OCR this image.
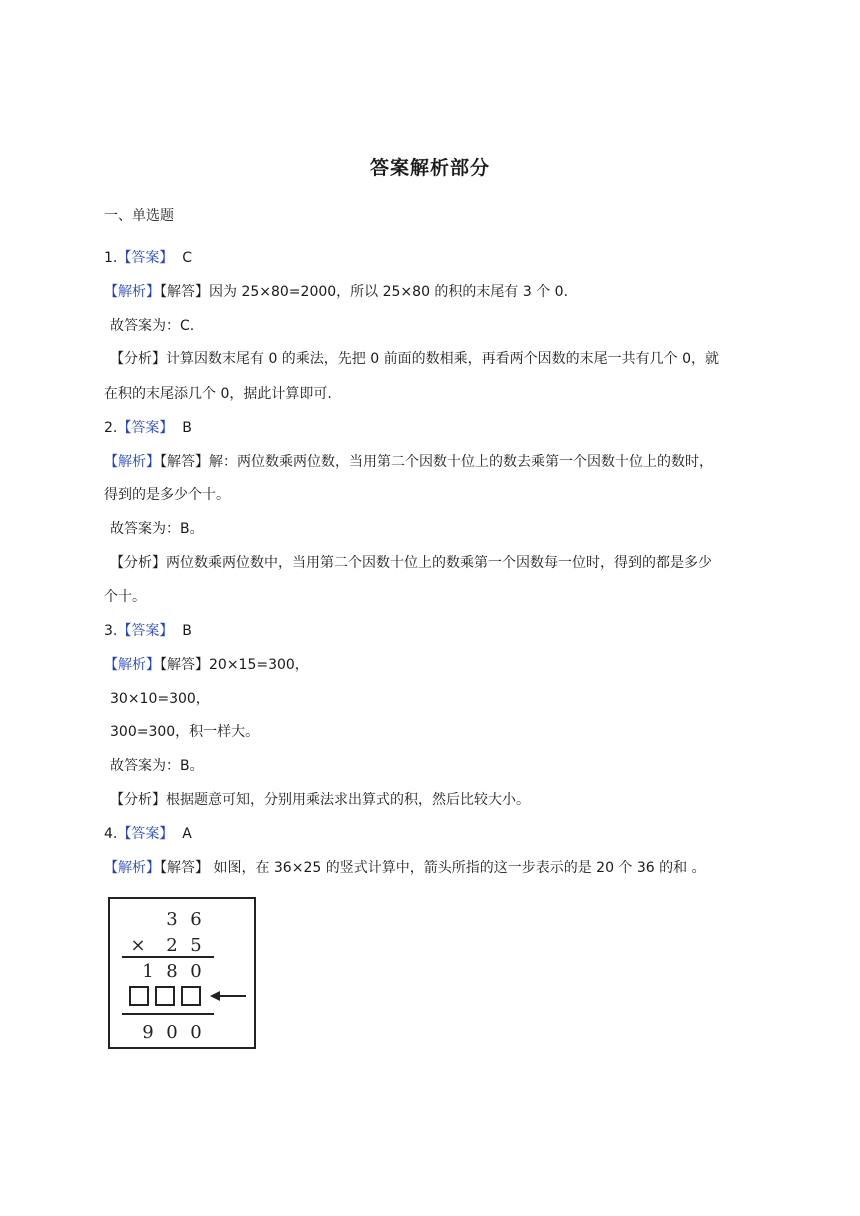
答案解析部分
一、单选题
1.【答案】 C
【解析】【解答】因为 25×80=2000，所以 25×80 的积的末尾有 3 个 0.
故答案为：C.
【分析】计算因数末尾有 0 的乘法，先把 0 前面的数相乘，再看两个因数的末尾一共有几个 0，就
在积的末尾添几个 0，据此计算即可.
2.【答案】 B
【解析】【解答】解：两位数乘两位数，当用第二个因数十位上的数去乘第一个因数十位上的数时，
得到的是多少个十。
故答案为：B。
【分析】两位数乘两位数中，当用第二个因数十位上的数乘第一个因数每一位时，得到的都是多少
个十。
3.【答案】 B
【解析】【解答】20×15=300，
30×10=300，
300=300，积一样大。
故答案为：B。
【分析】根据题意可知，分别用乘法求出算式的积，然后比较大小。
4.【答案】 A
【解析】【解答】 如图，在 36×25 的竖式计算中，箭头所指的这一步表示的是 20 个 36 的和 。
3 6
× 2 5
1 8 0
9 0 0
